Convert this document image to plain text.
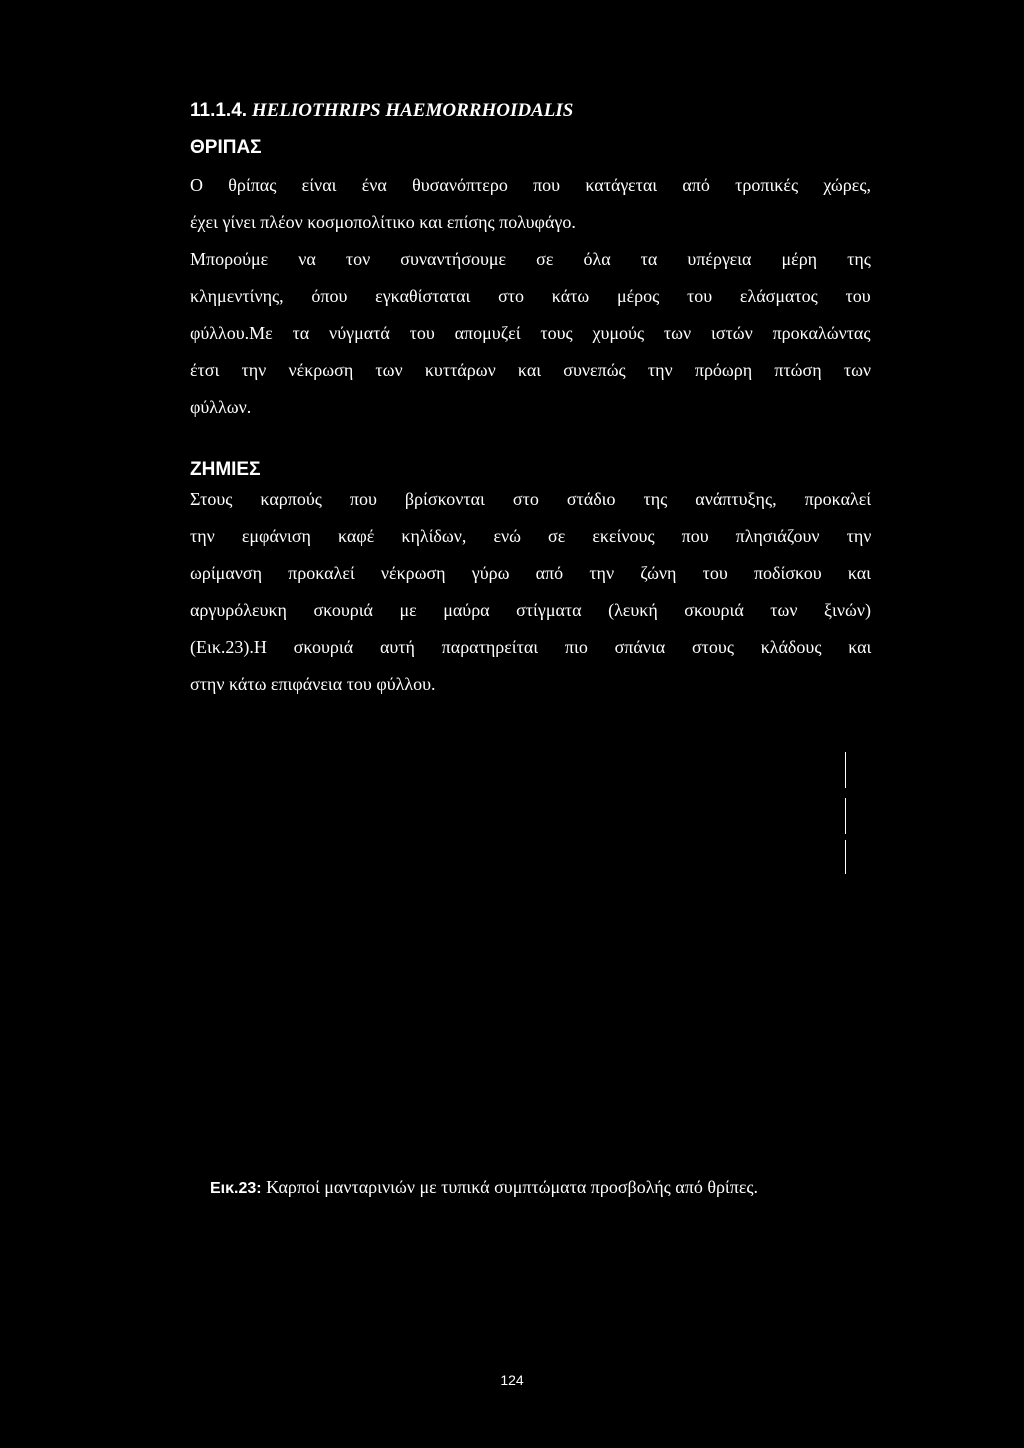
11.1.4. HELIOTHRIPS HAEMORRHOIDALIS
ΘΡΙΠΑΣ
Ο θρίπας είναι ένα θυσανόπτερο που κατάγεται από τροπικές χώρες,
έχει γίνει πλέον κοσμοπολίτικο και επίσης πολυφάγο.
Μπορούμε να τον συναντήσουμε σε όλα τα υπέργεια μέρη της
κλημεντίνης, όπου εγκαθίσταται στο κάτω μέρος του ελάσματος του
φύλλου.Με τα νύγματά του απομυζεί τους χυμούς των ιστών προκαλώντας
έτσι την νέκρωση των κυττάρων και συνεπώς την πρόωρη πτώση των
φύλλων.
ΖΗΜΙΕΣ
Στους καρπούς που βρίσκονται στο στάδιο της ανάπτυξης, προκαλεί
την εμφάνιση καφέ κηλίδων, ενώ σε εκείνους που πλησιάζουν την
ωρίμανση προκαλεί νέκρωση γύρω από την ζώνη του ποδίσκου και
αργυρόλευκη σκουριά με μαύρα στίγματα (λευκή σκουριά των ξινών)
(Εικ.23).Η σκουριά αυτή παρατηρείται πιο σπάνια στους κλάδους και
στην κάτω επιφάνεια του φύλλου.
Εικ.23: Καρποί μανταρινιών με τυπικά συμπτώματα προσβολής από θρίπες.
124
